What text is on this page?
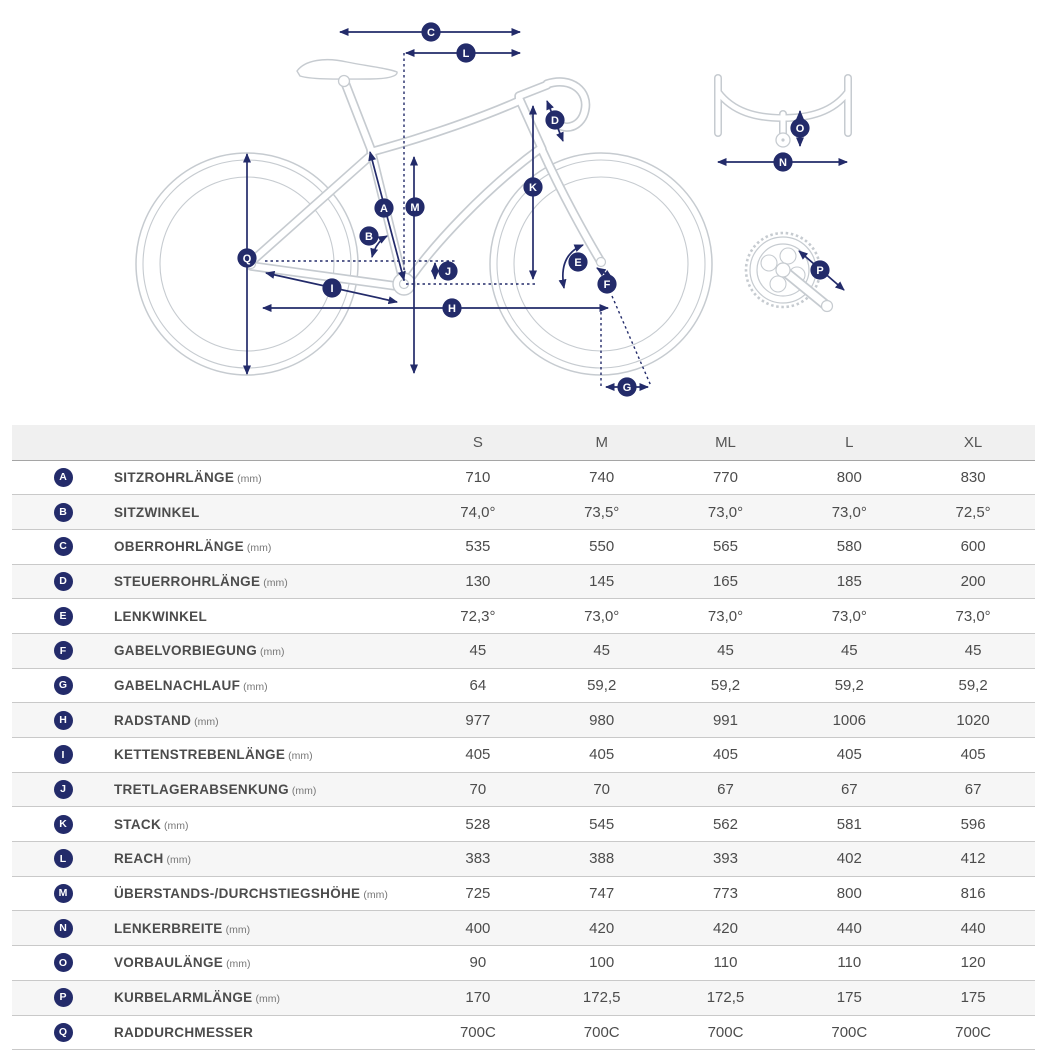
A
B
C
D
E
F
G
H
I
J
K
L
M
N
O
P
Q
S	M	ML	L	XL
A	SITZROHRLÄNGE (mm)	710	740	770	800	830
B	SITZWINKEL	74,0°	73,5°	73,0°	73,0°	72,5°
C	OBERROHRLÄNGE (mm)	535	550	565	580	600
D	STEUERROHRLÄNGE (mm)	130	145	165	185	200
E	LENKWINKEL	72,3°	73,0°	73,0°	73,0°	73,0°
F	GABELVORBIEGUNG (mm)	45	45	45	45	45
G	GABELNACHLAUF (mm)	64	59,2	59,2	59,2	59,2
H	RADSTAND (mm)	977	980	991	1006	1020
I	KETTENSTREBENLÄNGE (mm)	405	405	405	405	405
J	TRETLAGERABSENKUNG (mm)	70	70	67	67	67
K	STACK (mm)	528	545	562	581	596
L	REACH (mm)	383	388	393	402	412
M	ÜBERSTANDS-/DURCHSTIEGSHÖHE (mm)	725	747	773	800	816
N	LENKERBREITE (mm)	400	420	420	440	440
O	VORBAULÄNGE (mm)	90	100	110	110	120
P	KURBELARMLÄNGE (mm)	170	172,5	172,5	175	175
Q	RADDURCHMESSER	700C	700C	700C	700C	700C
